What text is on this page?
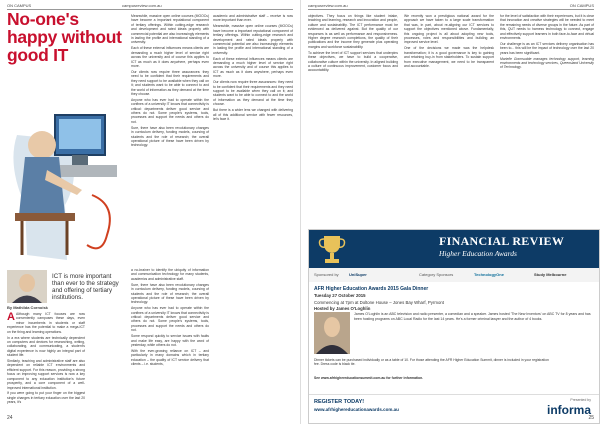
ON CAMPUS	campusreview.com.au
No-one's happy without good IT
ICT is more important than ever to the strategy and offering of tertiary institutions.
By Mathilda Cornoisk

A Although many ICT focuses are now conveniently campuses these days, even minor incumbents in students or staff experience has the potential to make a mega-ICT on the thing and learning operations.

In a era where students are technically dependent on computers and devices for researching, writing, collaborating, and communicating, a student's digital experience is now highly an integral part of student life.

Similarly, teaching and administrative staff are also dependent on reliable ICT environments and efficient support. For this reason, providing a strong focus on improving support services is now a key component to any education institution's future prosperity, and a core component of a well-improved international institution.

If you were going to put your finger on the biggest single changes in tertiary education over the last 20 years, it's

a no-brainer to identify the ubiquity of information and communication technology for many students, academics and administrative staff.

Sure, there have also been revolutionary changes in curriculum delivery, funding models, coursing of students and the role of research; the overall operational picture of these have been driven by technology.

Anyone who has ever had to operate within the confines of a university IT knows that connectivity is critical: departments deliver good service and others do not. Some people's systems, tools, processes and support the needs and others do not.

Some respond quickly to service issues with faults and make life easy, are happy with the word of yesterday, while others do not.

With the ever-growing reliance on ICT – and particularly in many domains which in tertiary education – the quality of ICT service delivery that clients – i.e. students,

academic and administrative staff – receive is now more important than ever.

Meanwhile, massive open online courses (MOOCs) have become a important reputational component of tertiary offerings. Within cutting-edge research and development and rated ideals properly with commercial potential are also increasingly elements in lasting the profile and international standing of a university.

Each of these external influences means clients are demanding a much higher level of service right across the university and of course this applies to ICT as much as it does anywhere, perhaps even more.

Our clients now require three assurances: they need to be confident that their requirements and they need support to be available when they call on it; and students want to be able to connect to and the world of information as they demand at the time they choose.

But there is a wider lens we changed with delivering all of this additional service with fewer resources, let's face it.

Meanwhile, massive open online courses (MOOCs) have become a important reputational component of tertiary offerings. Within cutting-edge research and development and rated ideals properly with commercial potential are also increasingly elements in lasting the profile and international standing of a university.

Each of these external influences means clients are demanding a much higher level of service right across the university and of course this applies to ICT as much as it does anywhere, perhaps even more.

Our clients now require three assurances: they need to be confident that their requirements and they need support to be available when they call on it; and students want to be able to connect to and the world of information as they demand at the time they choose.

Anyone who has ever had to operate within the confines of a university IT knows that connectivity is critical: departments deliver good service and others do not. Some people's systems, tools, processes and support the needs and others do not.

Sure, there have also been revolutionary changes in curriculum delivery, funding models, coursing of students and the role of research; the overall operational picture of these have been driven by technology.

24
campusreview.com.au	ON CAMPUS

objectives. They focus on things like student intake, teaching and learning, research and innovation and people, culture and sustainability. The ICT performance must be evidenced as delivered against. But the quality of our responses is as well as performance and responsiveness. Higher degree research completions, the quality of their publications and the income they generate plus operating margins and workforce sustainability.

To achieve the level of ICT support services that underpins these objectives, we have to build a cooperative, collaborative culture within the university. In aligned building a culture of continuous improvement, customer focus and accountability.

We recently won a prestigious national award for the approach we have taken to a large scale transformation that was, in part, about re-aligning our ICT services to support the objectives mentioned above. Fundamentally, this ongoing project is all about adopting new tools, processes, roles and responsibilities and building an improved service level.

One of the decisions we made was the helpdesk transformation; it is a good governance is key to gaining and retaining buy-in from stakeholders. To sustain support from executive management, we need to be transparent and accountable.

for the level of satisfaction with their experiences, but it is clear that innovation and creative strategies will be needed to meet the remaining needs of diverse groups in the future. As part of this, QUT needs to harness technology to connect, engage and effectively support learners in both face-to-face and virtual environments.

Our challenge is as an ICT services delivery organisation has been to... this will be the impact of technology over the last 20 years has been significant.

Marielle Gormsudde manages technology support, learning environments and technology services, Queensland University of Technology.

FINANCIAL REVIEW
Higher Education Awards
Sponsored by	UniSuper	Category Sponsors	TechnologyOne	Study Melbourne
AFR Higher Education Awards 2015 Gala Dinner
Tuesday 27 October 2015
Commencing at 7pm at Doltone House – Jones Bay Wharf, Pyrmont
Hosted by James O'Loghlin
James O'Loghlin is an ABC television and radio presenter, a comedian and a speaker. James hosted 'The New Inventors' on ABC TV for 8 years and has been hosting programs on ABC Local Radio for the last 14 years. He's a former criminal lawyer and the author of 4 books.
Dinner tickets can be purchased individually or as a table of 10. For those attending the AFR Higher Education Summit, dinner is included in your registration fee. Dress code is black tie.
See www.afrhighereducationsummit.com.au for further information.
REGISTER TODAY!
www.afrhighereducationawards.com.au
Presented by
informa
25
